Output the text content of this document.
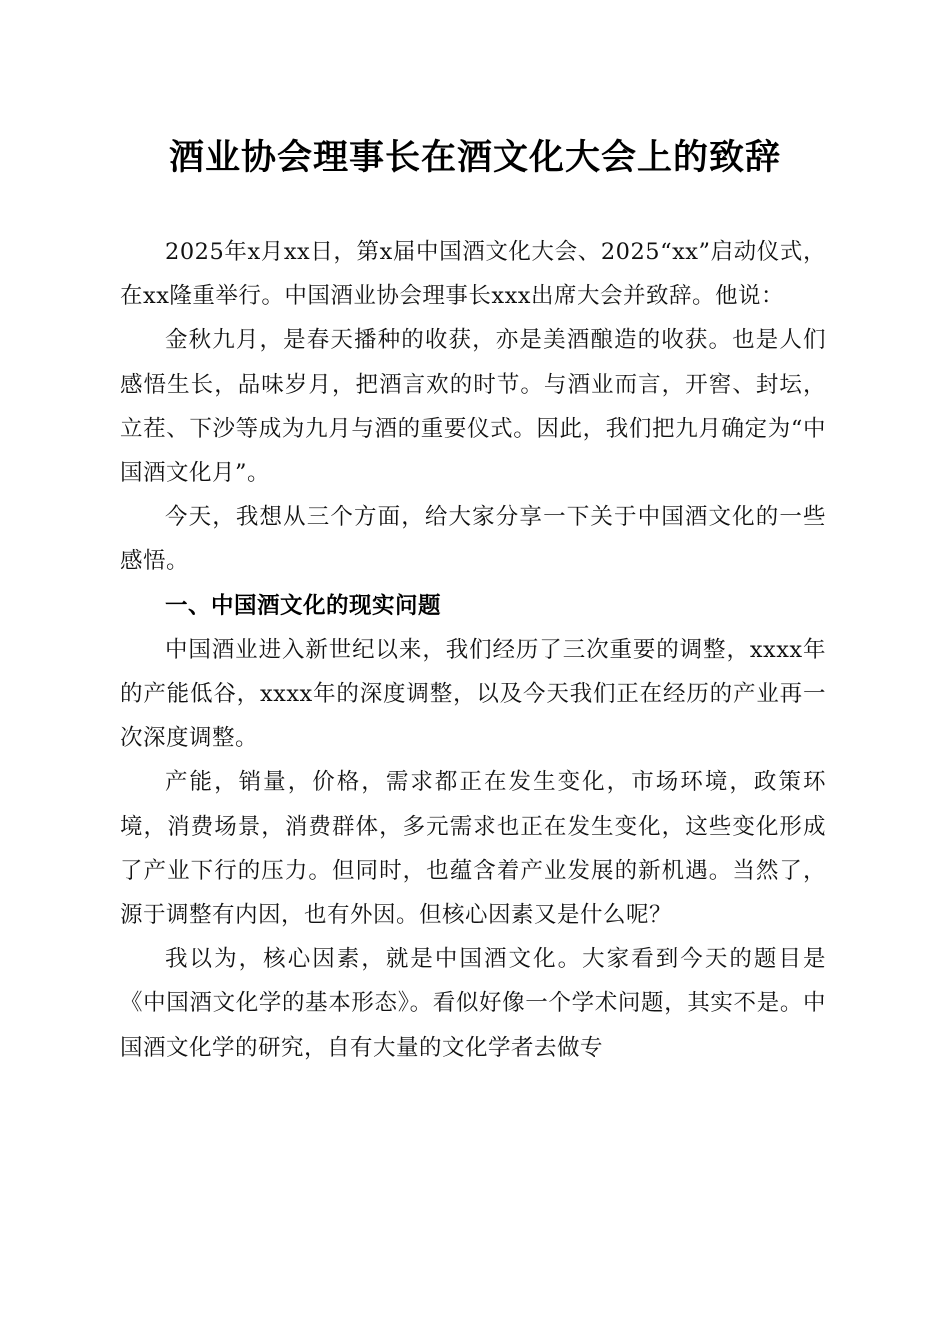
酒业协会理事长在酒文化大会上的致辞

2025年x月xx日，第x届中国酒文化大会、2025“xx”启动仪式，在xx隆重举行。中国酒业协会理事长xxx出席大会并致辞。他说：

金秋九月，是春天播种的收获，亦是美酒酿造的收获。也是人们感悟生长，品味岁月，把酒言欢的时节。与酒业而言，开窖、封坛，立茬、下沙等成为九月与酒的重要仪式。因此，我们把九月确定为“中国酒文化月”。

今天，我想从三个方面，给大家分享一下关于中国酒文化的一些感悟。

一、中国酒文化的现实问题

中国酒业进入新世纪以来，我们经历了三次重要的调整，xxxx年的产能低谷，xxxx年的深度调整，以及今天我们正在经历的产业再一次深度调整。

产能，销量，价格，需求都正在发生变化，市场环境，政策环境，消费场景，消费群体，多元需求也正在发生变化，这些变化形成了产业下行的压力。但同时，也蕴含着产业发展的新机遇。当然了，源于调整有内因，也有外因。但核心因素又是什么呢？

我以为，核心因素，就是中国酒文化。大家看到今天的题目是《中国酒文化学的基本形态》。看似好像一个学术问题，其实不是。中国酒文化学的研究，自有大量的文化学者去做专
